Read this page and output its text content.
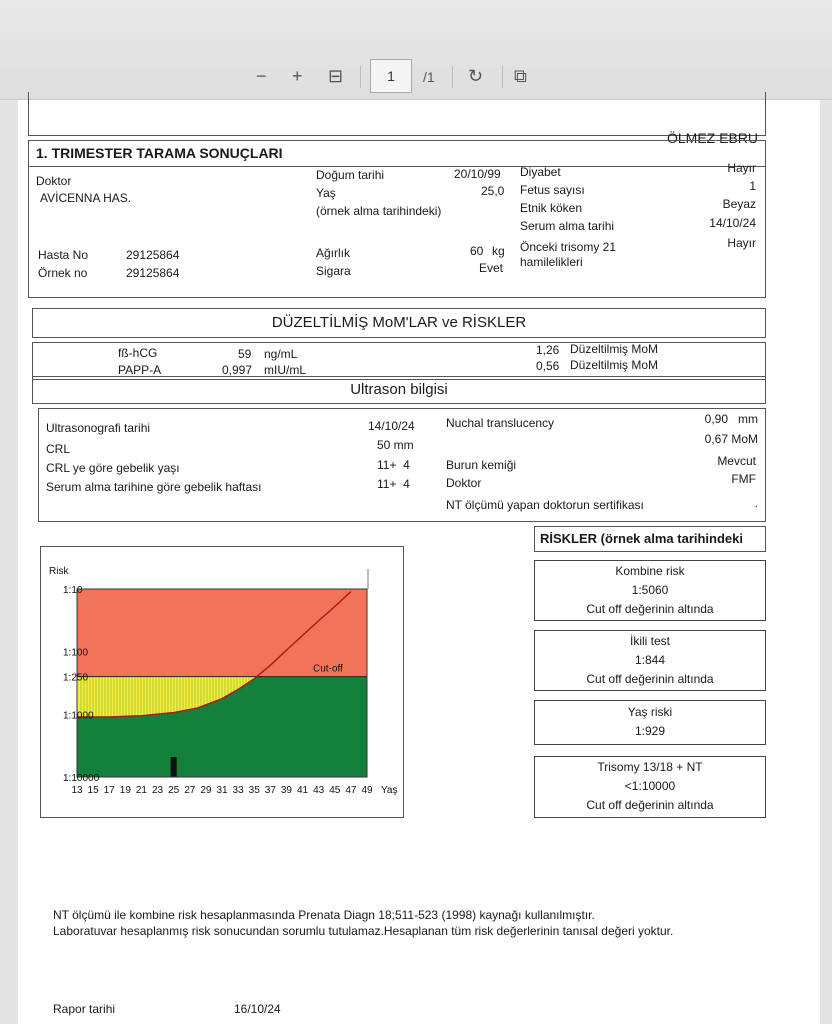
− + ⊟	1	/1 ↻ ⧉
ÖLMEZ EBRU
1. TRIMESTER TARAMA SONUÇLARI
Doktor
AVİCENNA HAS.
Hasta No	29125864
Örnek no	29125864
Doğum tarihi	20/10/99
Yaş	25,0
(örnek alma tarihindeki)
Ağırlık	60 kg
Sigara	Evet
Diyabet	Hayır
Fetus sayısı	1
Etnik köken	Beyaz
Serum alma tarihi	14/10/24
Önceki trisomy 21
hamilelikleri
Hayır
DÜZELTİLMİŞ MoM'LAR ve RİSKLER
fß-hCG	59 ng/mL	1,26 Düzeltilmiş MoM
PAPP-A	0,997 mIU/mL	0,56 Düzeltilmiş MoM
Ultrason bilgisi
Ultrasonografi tarihi	14/10/24
CRL	50 mm
CRL ye göre gebelik yaşı	11+  4
Serum alma tarihine göre gebelik haftası	11+  4
Nuchal translucency	0,90   mm
0,67 MoM
Burun kemiği	Mevcut
Doktor	FMF
NT ölçümü yapan doktorun sertifikası	.
Risk
1:10
1:100
1:250
1:1000
1:10000
13 15 17 19 21 23 25 27 29 31 33 35 37 39 41 43 45 47 49 Yaş
Cut-off
RİSKLER (örnek alma tarihindeki
Kombine risk
1:5060
Cut off değerinin altında
İkili test
1:844
Cut off değerinin altında
Yaş riski
1:929
Trisomy 13/18 + NT
<1:10000
Cut off değerinin altında
NT ölçümü ile kombine risk hesaplanmasında Prenata Diagn 18;511-523 (1998) kaynağı kullanılmıştır.
Laboratuvar hesaplanmış risk sonucundan sorumlu tutulamaz.Hesaplanan tüm risk değerlerinin tanısal değeri yoktur.
Rapor tarihi	16/10/24
